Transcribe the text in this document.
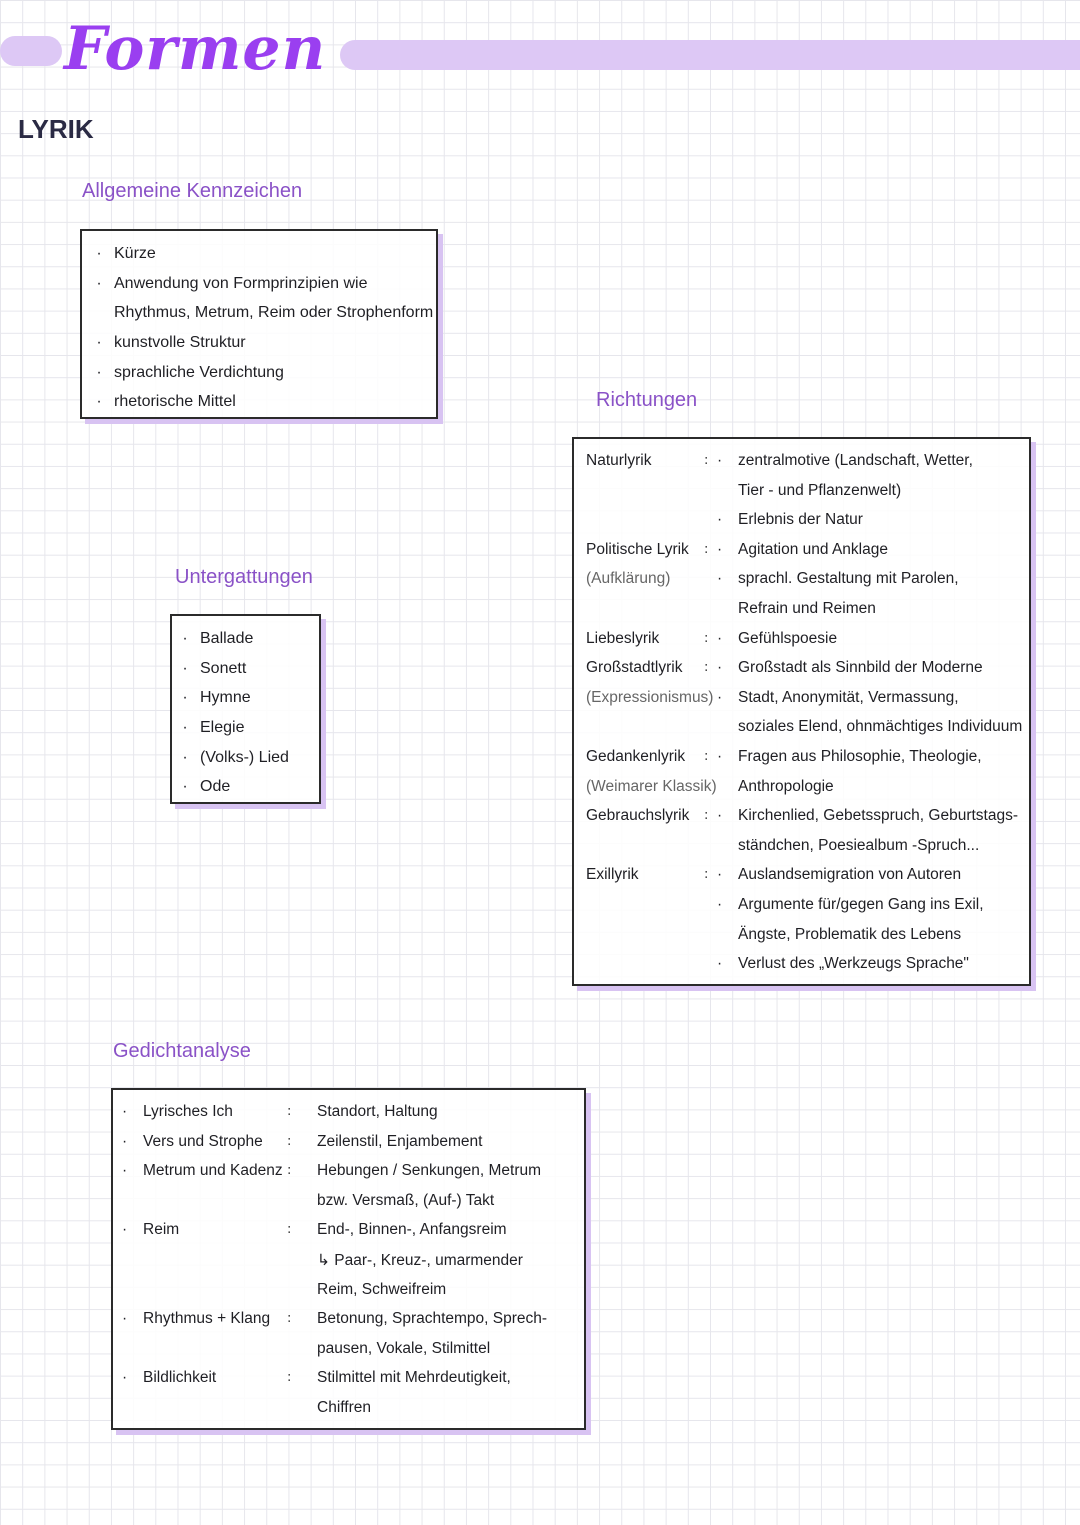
Formen
LYRIK
Allgemeine Kennzeichen
· Kürze
· Anwendung von Formprinzipien wie
Rhythmus, Metrum, Reim oder Strophenform
· kunstvolle Struktur
· sprachliche Verdichtung
· rhetorische Mittel
Untergattungen
· Ballade
· Sonett
· Hymne
· Elegie
· (Volks-) Lied
· Ode
Richtungen
Naturlyrik	: · zentralmotive (Landschaft, Wetter,
Tier - und Pflanzenwelt)
· Erlebnis der Natur
Politische Lyrik : · Agitation und Anklage
(Aufklärung)	· sprachl. Gestaltung mit Parolen,
Refrain und Reimen
Liebeslyrik	: · Gefühlspoesie
Großstadtlyrik : · Großstadt als Sinnbild der Moderne
(Expressionismus) · Stadt, Anonymität, Vermassung,
soziales Elend, ohnmächtiges Individuum
Gedankenlyrik : · Fragen aus Philosophie, Theologie,
(Weimarer Klassik) Anthropologie
Gebrauchslyrik : · Kirchenlied, Gebetsspruch, Geburtstags-
ständchen, Poesiealbum -Spruch...
Exillyrik	: · Auslandsemigration von Autoren
· Argumente für/gegen Gang ins Exil,
Ängste, Problematik des Lebens
· Verlust des „Werkzeugs Sprache"
Gedichtanalyse
· Lyrisches Ich	: Standort, Haltung
· Vers und Strophe : Zeilenstil, Enjambement
· Metrum und Kadenz : Hebungen / Senkungen, Metrum
bzw. Versmaß, (Auf-) Takt
· Reim	: End-, Binnen-, Anfangsreim
↳ Paar-, Kreuz-, umarmender
Reim, Schweifreim
· Rhythmus + Klang : Betonung, Sprachtempo, Sprech-
pausen, Vokale, Stilmittel
· Bildlichkeit	: Stilmittel mit Mehrdeutigkeit,
Chiffren
